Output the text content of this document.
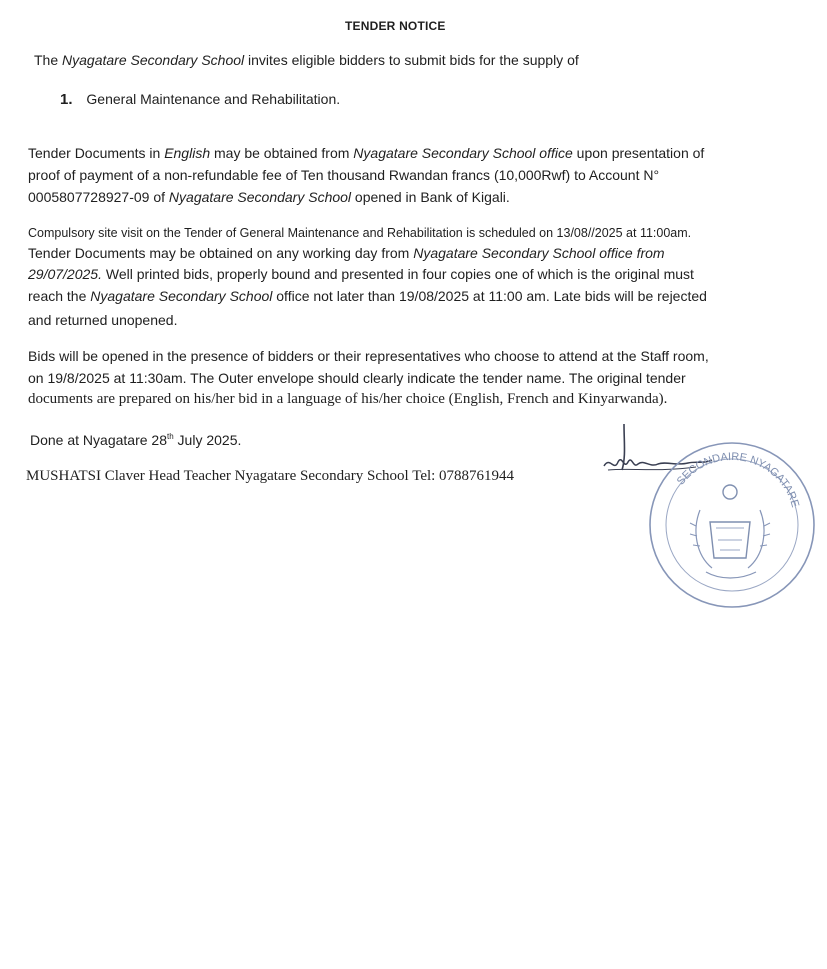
TENDER NOTICE
The Nyagatare Secondary School invites eligible bidders to submit bids for the supply of
1. General Maintenance and Rehabilitation.
Tender Documents in English may be obtained from Nyagatare Secondary School office upon presentation of
proof of payment of a non-refundable fee of Ten thousand Rwandan francs (10,000Rwf) to Account N°
0005807728927-09 of Nyagatare Secondary School opened in Bank of Kigali.
Compulsory site visit on the Tender of General Maintenance and Rehabilitation is scheduled on 13/08//2025 at 11:00am.
Tender Documents may be obtained on any working day from Nyagatare Secondary School office from
29/07/2025. Well printed bids, properly bound and presented in four copies one of which is the original must
reach the Nyagatare Secondary School office not later than 19/08/2025 at 11:00 am. Late bids will be rejected
and returned unopened.
Bids will be opened in the presence of bidders or their representatives who choose to attend at the Staff room,
on 19/8/2025 at 11:30am. The Outer envelope should clearly indicate the tender name. The original tender
documents are prepared on his/her bid in a language of his/her choice (English, French and Kinyarwanda).
Done at Nyagatare 28th July 2025.
MUSHATSI Claver Head Teacher Nyagatare Secondary School Tel: 0788761944	SECONDAIRE NYAGATARE
